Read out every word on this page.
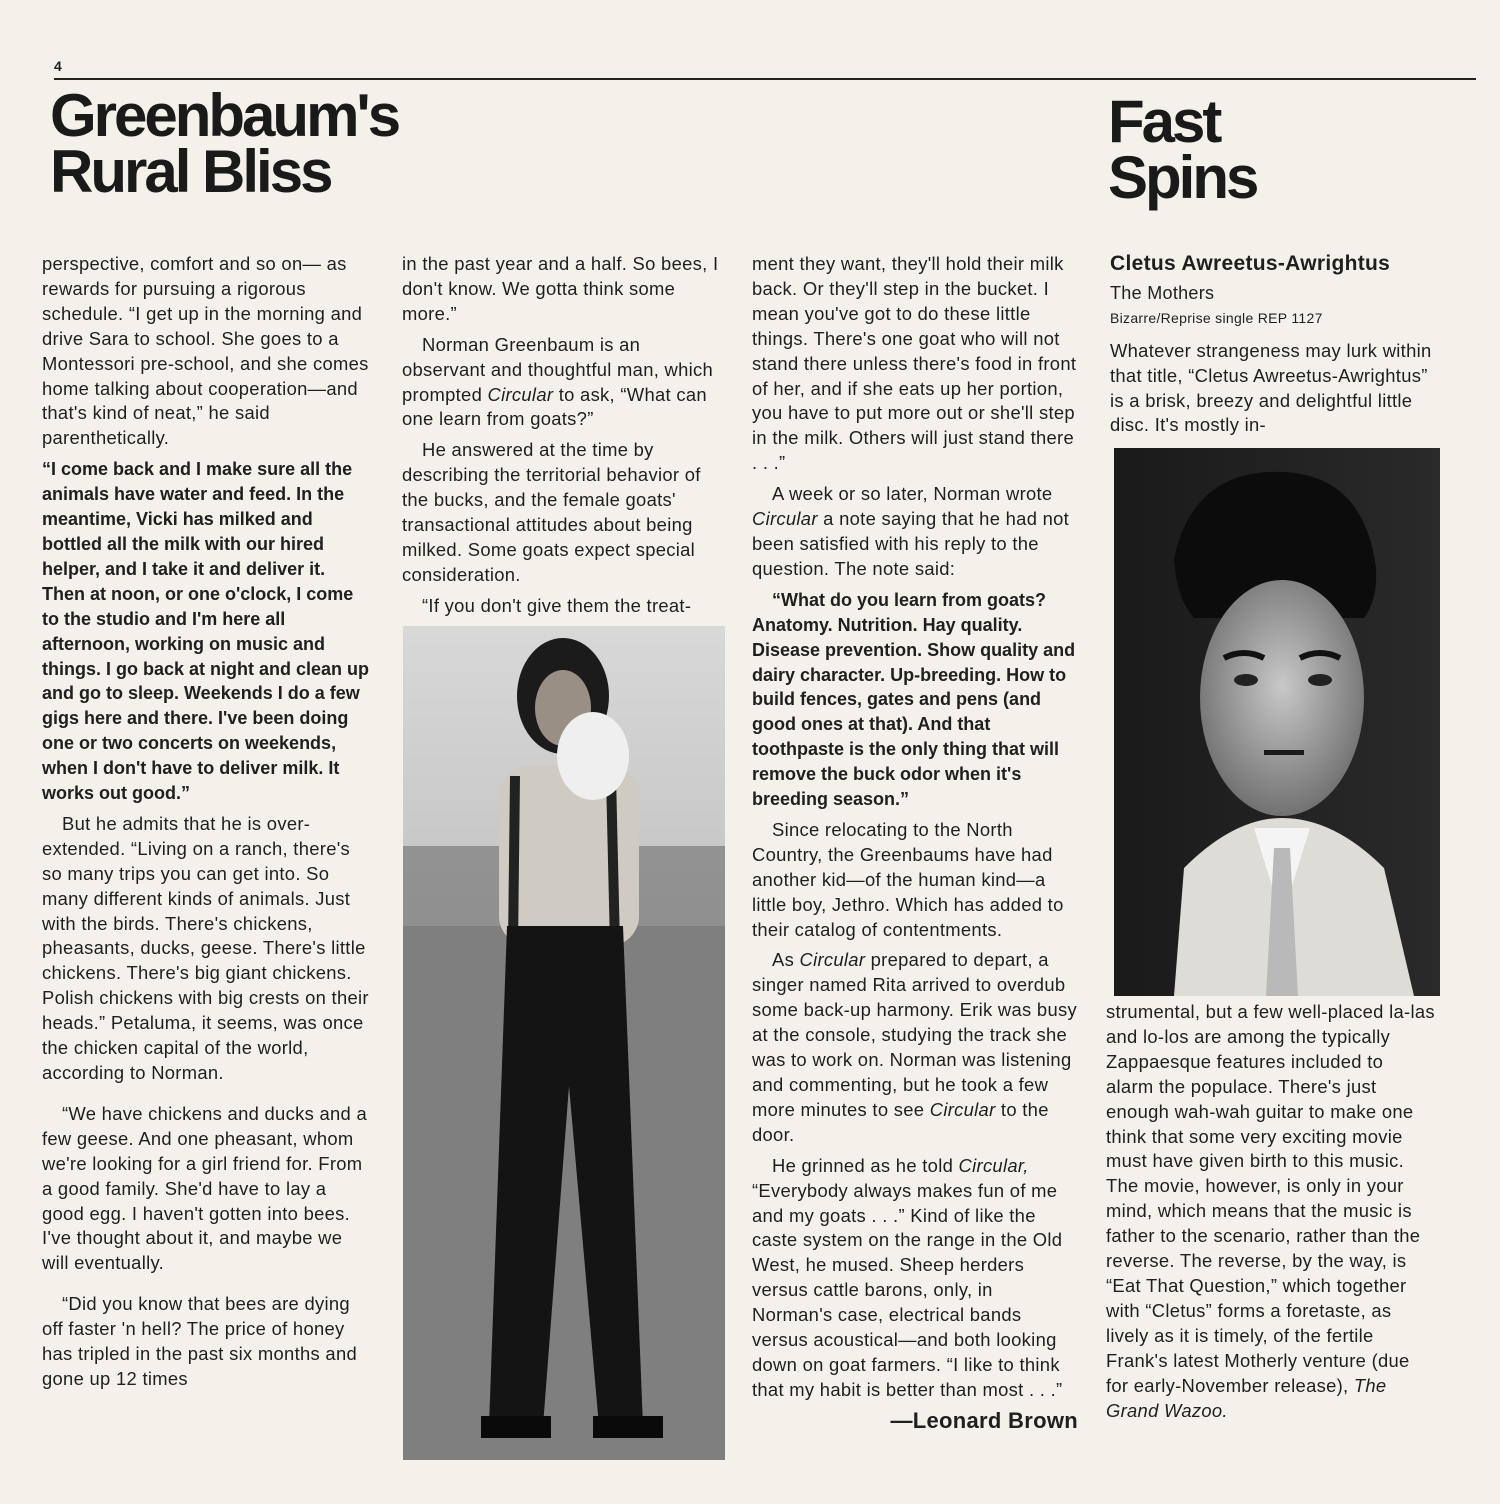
4
Greenbaum's
Rural Bliss
Fast
Spins

perspective, comfort and so on— as rewards for pursuing a rigorous schedule. “I get up in the morning and drive Sara to school. She goes to a Montessori pre-school, and she comes home talking about cooperation—and that's kind of neat,” he said parenthetically.

“I come back and I make sure all the animals have water and feed. In the meantime, Vicki has milked and bottled all the milk with our hired helper, and I take it and deliver it. Then at noon, or one o'clock, I come to the studio and I'm here all afternoon, working on music and things. I go back at night and clean up and go to sleep. Weekends I do a few gigs here and there. I've been doing one or two concerts on weekends, when I don't have to deliver milk. It works out good.”

But he admits that he is over-extended. “Living on a ranch, there's so many trips you can get into. So many different kinds of animals. Just with the birds. There's chickens, pheasants, ducks, geese. There's little chickens. There's big giant chickens. Polish chickens with big crests on their heads.” Petaluma, it seems, was once the chicken capital of the world, according to Norman.

“We have chickens and ducks and a few geese. And one pheasant, whom we're looking for a girl friend for. From a good family. She'd have to lay a good egg. I haven't gotten into bees. I've thought about it, and maybe we will eventually.

“Did you know that bees are dying off faster 'n hell? The price of honey has tripled in the past six months and gone up 12 times

in the past year and a half. So bees, I don't know. We gotta think some more.”

Norman Greenbaum is an observant and thoughtful man, which prompted Circular to ask, “What can one learn from goats?”

He answered at the time by describing the territorial behavior of the bucks, and the female goats' transactional attitudes about being milked. Some goats expect special consideration.

“If you don't give them the treat-

ment they want, they'll hold their milk back. Or they'll step in the bucket. I mean you've got to do these little things. There's one goat who will not stand there unless there's food in front of her, and if she eats up her portion, you have to put more out or she'll step in the milk. Others will just stand there . . .”

A week or so later, Norman wrote Circular a note saying that he had not been satisfied with his reply to the question. The note said:

“What do you learn from goats? Anatomy. Nutrition. Hay quality. Disease prevention. Show quality and dairy character. Up-breeding. How to build fences, gates and pens (and good ones at that). And that toothpaste is the only thing that will remove the buck odor when it's breeding season.”

Since relocating to the North Country, the Greenbaums have had another kid—of the human kind—a little boy, Jethro. Which has added to their catalog of contentments.

As Circular prepared to depart, a singer named Rita arrived to overdub some back-up harmony. Erik was busy at the console, studying the track she was to work on. Norman was listening and commenting, but he took a few more minutes to see Circular to the door.

He grinned as he told Circular, “Everybody always makes fun of me and my goats . . .” Kind of like the caste system on the range in the Old West, he mused. Sheep herders versus cattle barons, only, in Norman's case, electrical bands versus acoustical—and both looking down on goat farmers. “I like to think that my habit is better than most . . .”

—Leonard Brown

Cletus Awreetus-Awrightus

The Mothers

Bizarre/Reprise single REP 1127

Whatever strangeness may lurk within that title, “Cletus Awreetus-Awrightus” is a brisk, breezy and delightful little disc. It's mostly in-

strumental, but a few well-placed la-las and lo-los are among the typically Zappaesque features included to alarm the populace. There's just enough wah-wah guitar to make one think that some very exciting movie must have given birth to this music. The movie, however, is only in your mind, which means that the music is father to the scenario, rather than the reverse. The reverse, by the way, is “Eat That Question,” which together with “Cletus” forms a foretaste, as lively as it is timely, of the fertile Frank's latest Motherly venture (due for early-November release), The Grand Wazoo.
